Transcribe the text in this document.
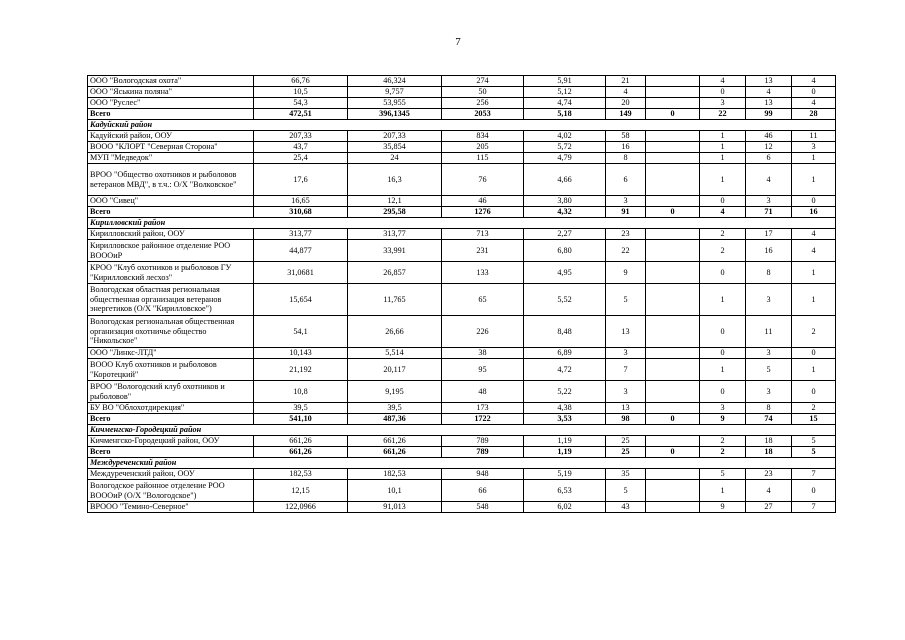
7
ООО "Вологодская охота"	66,76	46,324	274	5,91	21		4	13	4
ООО "Яськина поляна"	10,5	9,757	50	5,12	4		0	4	0
ООО "Руслес"	54,3	53,955	256	4,74	20		3	13	4
Всего	472,51	396,1345	2053	5,18	149	0	22	99	28
Кадуйский район									
Кадуйский район, ООУ	207,33	207,33	834	4,02	58		1	46	11
ВООО "КЛОРТ "Северная Сторона"	43,7	35,854	205	5,72	16		1	12	3
МУП "Медведок"	25,4	24	115	4,79	8		1	6	1
ВРОО "Общество охотников и рыболовов ветеранов МВД", в т.ч.: О/Х "Волковское"	17,6	16,3	76	4,66	6		1	4	1
ООО "Сивец"	16,65	12,1	46	3,80	3		0	3	0
Всего	310,68	295,58	1276	4,32	91	0	4	71	16
Кирилловский район									
Кирилловский район, ООУ	313,77	313,77	713	2,27	23		2	17	4
Кирилловское районное отделение РОО ВОООиР	44,877	33,991	231	6,80	22		2	16	4
КРОО "Клуб охотников и рыболовов ГУ "Кирилловский лесхоз"	31,0681	26,857	133	4,95	9		0	8	1
Вологодская областная региональная общественная организация ветеранов энергетиков (О/Х "Кирилловское")	15,654	11,765	65	5,52	5		1	3	1
Вологодская региональная общественная организация охотничье общество "Никольское"	54,1	26,66	226	8,48	13		0	11	2
ООО "Линкс-ЛТД"	10,143	5,514	38	6,89	3		0	3	0
ВООО Клуб охотников и рыболовов "Коротецкий"	21,192	20,117	95	4,72	7		1	5	1
ВРОО "Вологодский клуб охотников и рыболовов"	10,8	9,195	48	5,22	3		0	3	0
БУ ВО "Облохотдирекция"	39,5	39,5	173	4,38	13		3	8	2
Всего	541,10	487,36	1722	3,53	98	0	9	74	15
Кичменгско-Городецкий район									
Кичменгско-Городецкий район, ООУ	661,26	661,26	789	1,19	25		2	18	5
Всего	661,26	661,26	789	1,19	25	0	2	18	5
Междуреченский район									
Междуреченский район, ООУ	182,53	182,53	948	5,19	35		5	23	7
Вологодское районное отделение РОО ВОООиР (О/Х "Вологодское")	12,15	10,1	66	6,53	5		1	4	0
ВРООО "Темино-Северное"	122,0966	91,013	548	6,02	43		9	27	7
